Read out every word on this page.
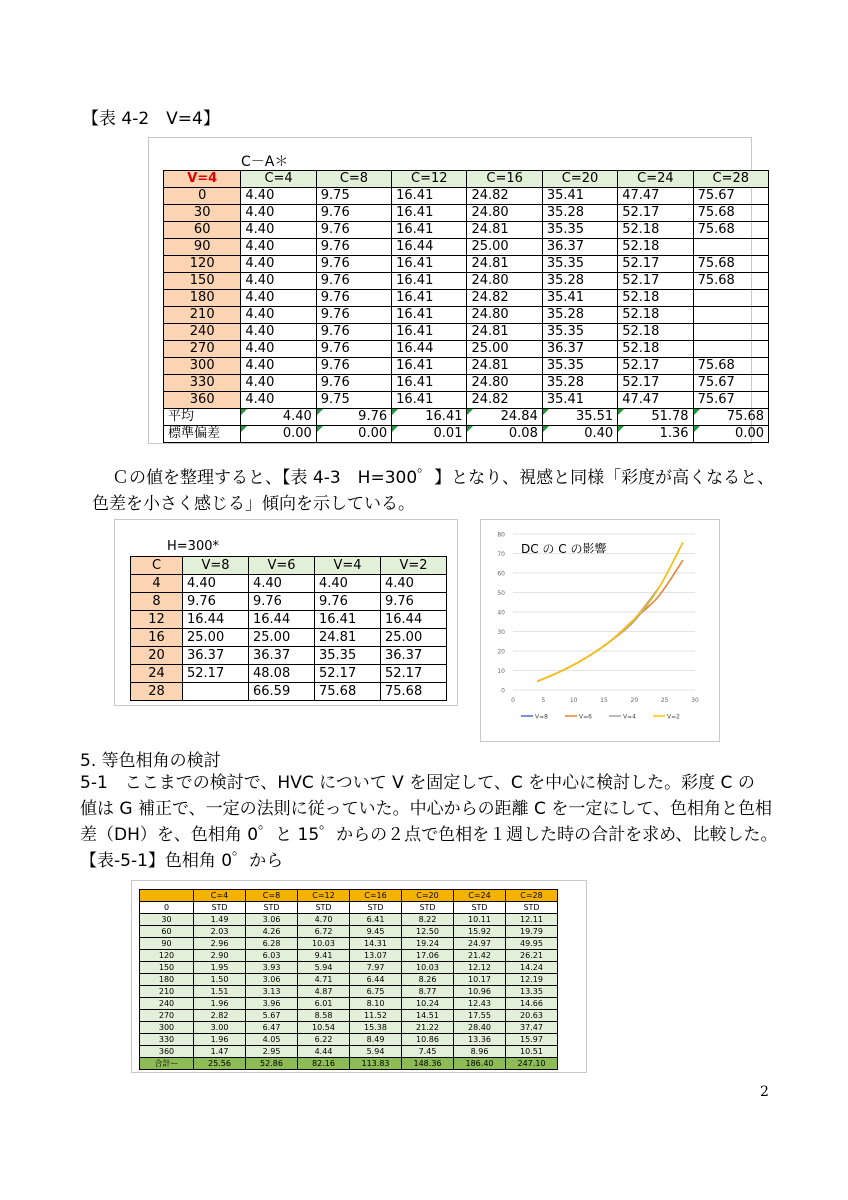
【表 4-2　V=4】
C－A＊
V=4	C=4	C=8	C=12	C=16	C=20	C=24	C=28
0	4.40	9.75	16.41	24.82	35.41	47.47	75.67
30	4.40	9.76	16.41	24.80	35.28	52.17	75.68
60	4.40	9.76	16.41	24.81	35.35	52.18	75.68
90	4.40	9.76	16.44	25.00	36.37	52.18	
120	4.40	9.76	16.41	24.81	35.35	52.17	75.68
150	4.40	9.76	16.41	24.80	35.28	52.17	75.68
180	4.40	9.76	16.41	24.82	35.41	52.18	
210	4.40	9.76	16.41	24.80	35.28	52.18	
240	4.40	9.76	16.41	24.81	35.35	52.18	
270	4.40	9.76	16.44	25.00	36.37	52.18	
300	4.40	9.76	16.41	24.81	35.35	52.17	75.68
330	4.40	9.76	16.41	24.80	35.28	52.17	75.67
360	4.40	9.75	16.41	24.82	35.41	47.47	75.67
平均	4.40	9.76	16.41	24.84	35.51	51.78	75.68
標準偏差	0.00	0.00	0.01	0.08	0.40	1.36	0.00
Ｃの値を整理すると、【表 4-3　H=300゜】となり、視感と同様「彩度が高くなると、
色差を小さく感じる」傾向を示している。
H=300*
C	V=8	V=6	V=4	V=2
4	4.40	4.40	4.40	4.40
8	9.76	9.76	9.76	9.76
12	16.44	16.44	16.41	16.44
16	25.00	25.00	24.81	25.00
20	36.37	36.37	35.35	36.37
24	52.17	48.08	52.17	52.17
28		66.59	75.68	75.68
DC の C の影響
0
10
20
30
40
50
60
70
80
0	5	10	15	20	25	30
V=8	V=6	V=4	V=2
5. 等色相角の検討
5-1　ここまでの検討で、HVC について V を固定して、C を中心に検討した。彩度 C の
値は G 補正で、一定の法則に従っていた。中心からの距離 C を一定にして、色相角と色相
差（DH）を、色相角 0゜と 15゜からの２点で色相を１週した時の合計を求め、比較した。
【表-5-1】色相角 0゜から
	C=4	C=8	C=12	C=16	C=20	C=24	C=28
0	STD	STD	STD	STD	STD	STD	STD
30	1.49	3.06	4.70	6.41	8.22	10.11	12.11
60	2.03	4.26	6.72	9.45	12.50	15.92	19.79
90	2.96	6.28	10.03	14.31	19.24	24.97	49.95
120	2.90	6.03	9.41	13.07	17.06	21.42	26.21
150	1.95	3.93	5.94	7.97	10.03	12.12	14.24
180	1.50	3.06	4.71	6.44	8.26	10.17	12.19
210	1.51	3.13	4.87	6.75	8.77	10.96	13.35
240	1.96	3.96	6.01	8.10	10.24	12.43	14.66
270	2.82	5.67	8.58	11.52	14.51	17.55	20.63
300	3.00	6.47	10.54	15.38	21.22	28.40	37.47
330	1.96	4.05	6.22	8.49	10.86	13.36	15.97
360	1.47	2.95	4.44	5.94	7.45	8.96	10.51
合計ー	25.56	52.86	82.16	113.83	148.36	186.40	247.10
2
